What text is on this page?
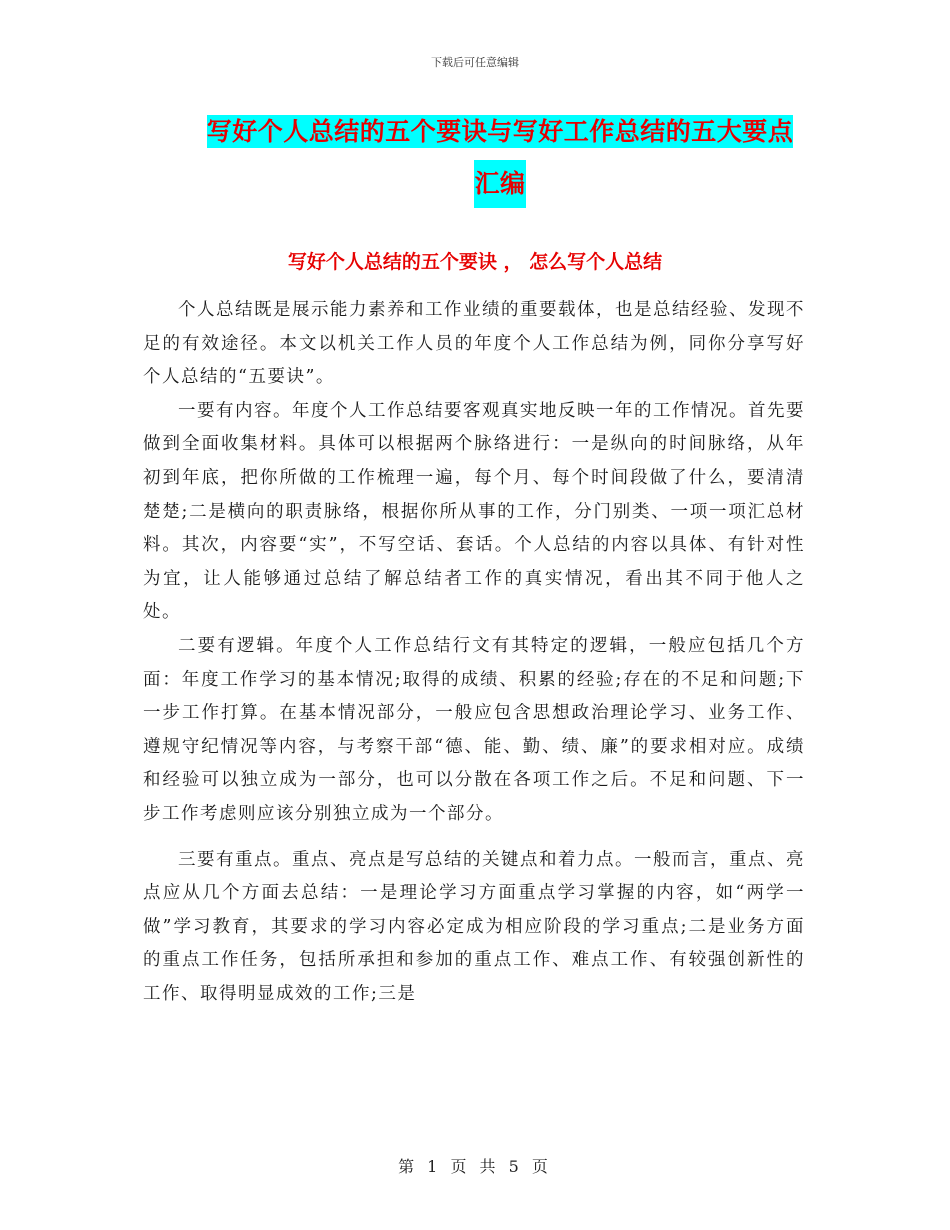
下载后可任意编辑
写好个人总结的五个要诀与写好工作总结的五大要点
汇编
写好个人总结的五个要诀 ， 怎么写个人总结

个人总结既是展示能力素养和工作业绩的重要载体，也是总结经验、发现不足的有效途径。本文以机关工作人员的年度个人工作总结为例，同你分享写好个人总结的“五要诀”。

一要有内容。年度个人工作总结要客观真实地反映一年的工作情况。首先要做到全面收集材料。具体可以根据两个脉络进行：一是纵向的时间脉络，从年初到年底，把你所做的工作梳理一遍，每个月、每个时间段做了什么，要清清楚楚;二是横向的职责脉络，根据你所从事的工作，分门别类、一项一项汇总材料。其次，内容要“实”，不写空话、套话。个人总结的内容以具体、有针对性为宜，让人能够通过总结了解总结者工作的真实情况，看出其不同于他人之处。

二要有逻辑。年度个人工作总结行文有其特定的逻辑，一般应包括几个方面：年度工作学习的基本情况;取得的成绩、积累的经验;存在的不足和问题;下一步工作打算。在基本情况部分，一般应包含思想政治理论学习、业务工作、遵规守纪情况等内容，与考察干部“德、能、勤、绩、廉”的要求相对应。成绩和经验可以独立成为一部分，也可以分散在各项工作之后。不足和问题、下一步工作考虑则应该分别独立成为一个部分。

三要有重点。重点、亮点是写总结的关键点和着力点。一般而言，重点、亮点应从几个方面去总结：一是理论学习方面重点学习掌握的内容，如“两学一做”学习教育，其要求的学习内容必定成为相应阶段的学习重点;二是业务方面的重点工作任务，包括所承担和参加的重点工作、难点工作、有较强创新性的工作、取得明显成效的工作;三是

第 1 页 共 5 页
